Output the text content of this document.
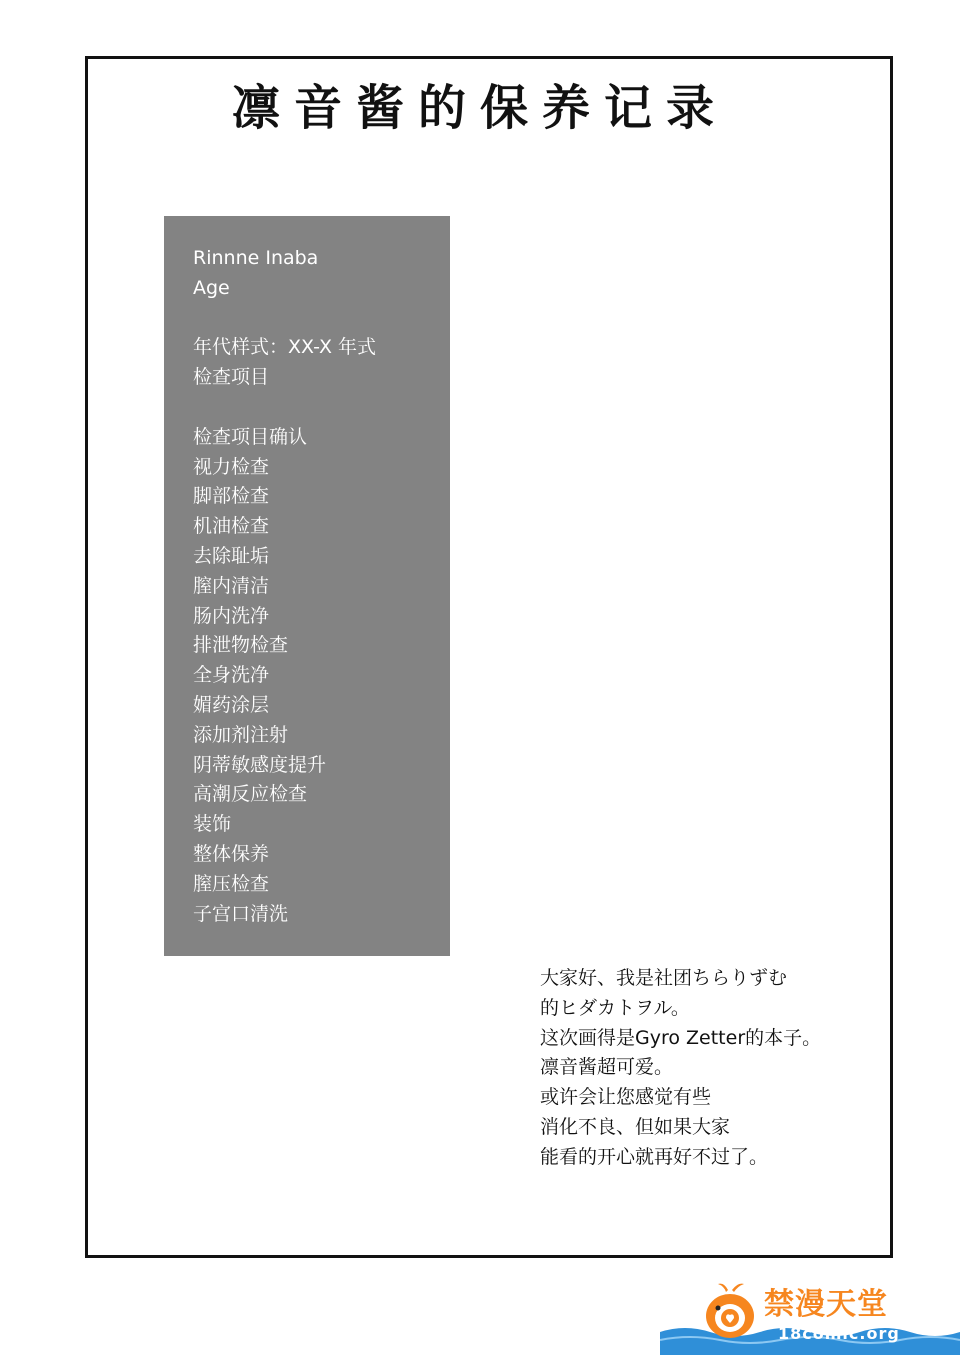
凛音酱的保养记录
Rinnne Inaba
Age
年代样式：XX-X 年式
检查项目
检查项目确认
视力检查
脚部检查
机油检查
去除耻垢
膣内清洁
肠内洗净
排泄物检查
全身洗净
媚药涂层
添加剂注射
阴蒂敏感度提升
高潮反应检查
装饰
整体保养
膣压检查
子宫口清洗
大家好、我是社团ちらりずむ
的ヒダカトヲル。
这次画得是Gyro Zetter的本子。
凛音酱超可爱。
或许会让您感觉有些
消化不良、但如果大家
能看的开心就再好不过了。
禁漫天堂
18comic.org
